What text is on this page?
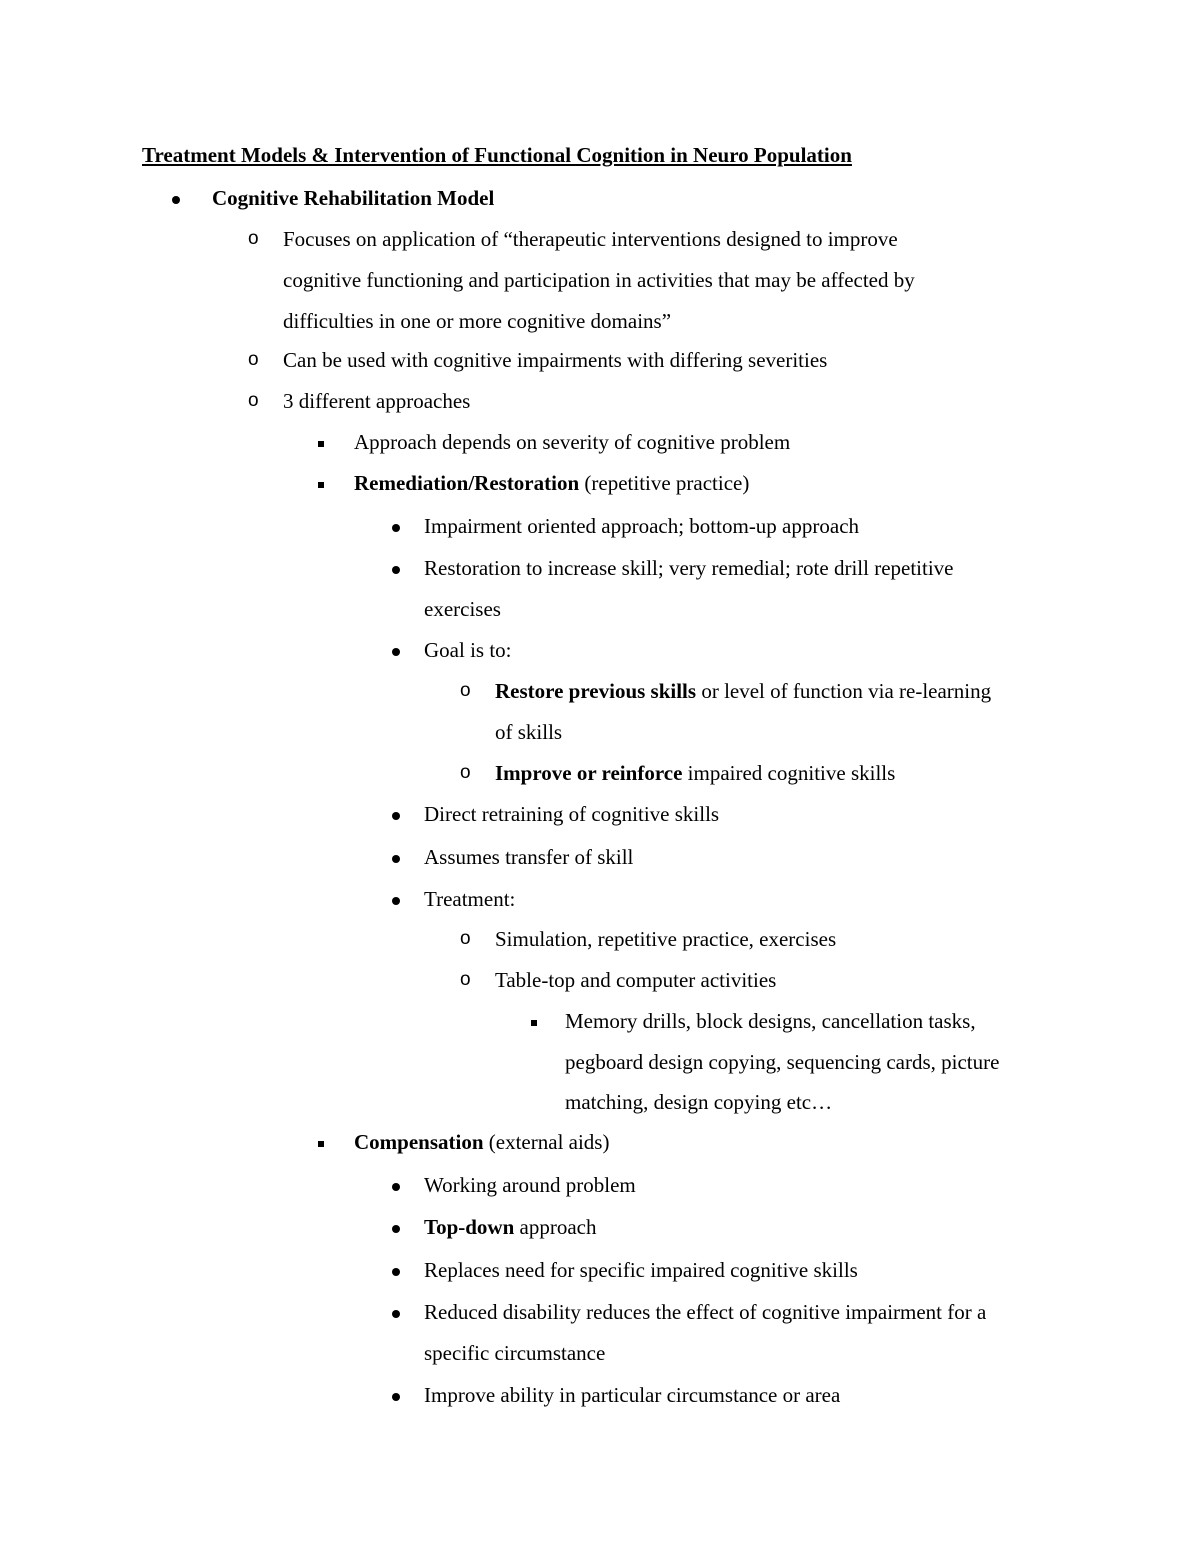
Treatment Models & Intervention of Functional Cognition in Neuro Population
Cognitive Rehabilitation Model
o Focuses on application of “therapeutic interventions designed to improve
cognitive functioning and participation in activities that may be affected by
difficulties in one or more cognitive domains”
o Can be used with cognitive impairments with differing severities
o 3 different approaches
Approach depends on severity of cognitive problem
Remediation/Restoration (repetitive practice)
Impairment oriented approach; bottom-up approach
Restoration to increase skill; very remedial; rote drill repetitive
exercises
Goal is to:
o Restore previous skills or level of function via re-learning
of skills
o Improve or reinforce impaired cognitive skills
Direct retraining of cognitive skills
Assumes transfer of skill
Treatment:
o Simulation, repetitive practice, exercises
o Table-top and computer activities
Memory drills, block designs, cancellation tasks,
pegboard design copying, sequencing cards, picture
matching, design copying etc…
Compensation (external aids)
Working around problem
Top-down approach
Replaces need for specific impaired cognitive skills
Reduced disability reduces the effect of cognitive impairment for a
specific circumstance
Improve ability in particular circumstance or area
